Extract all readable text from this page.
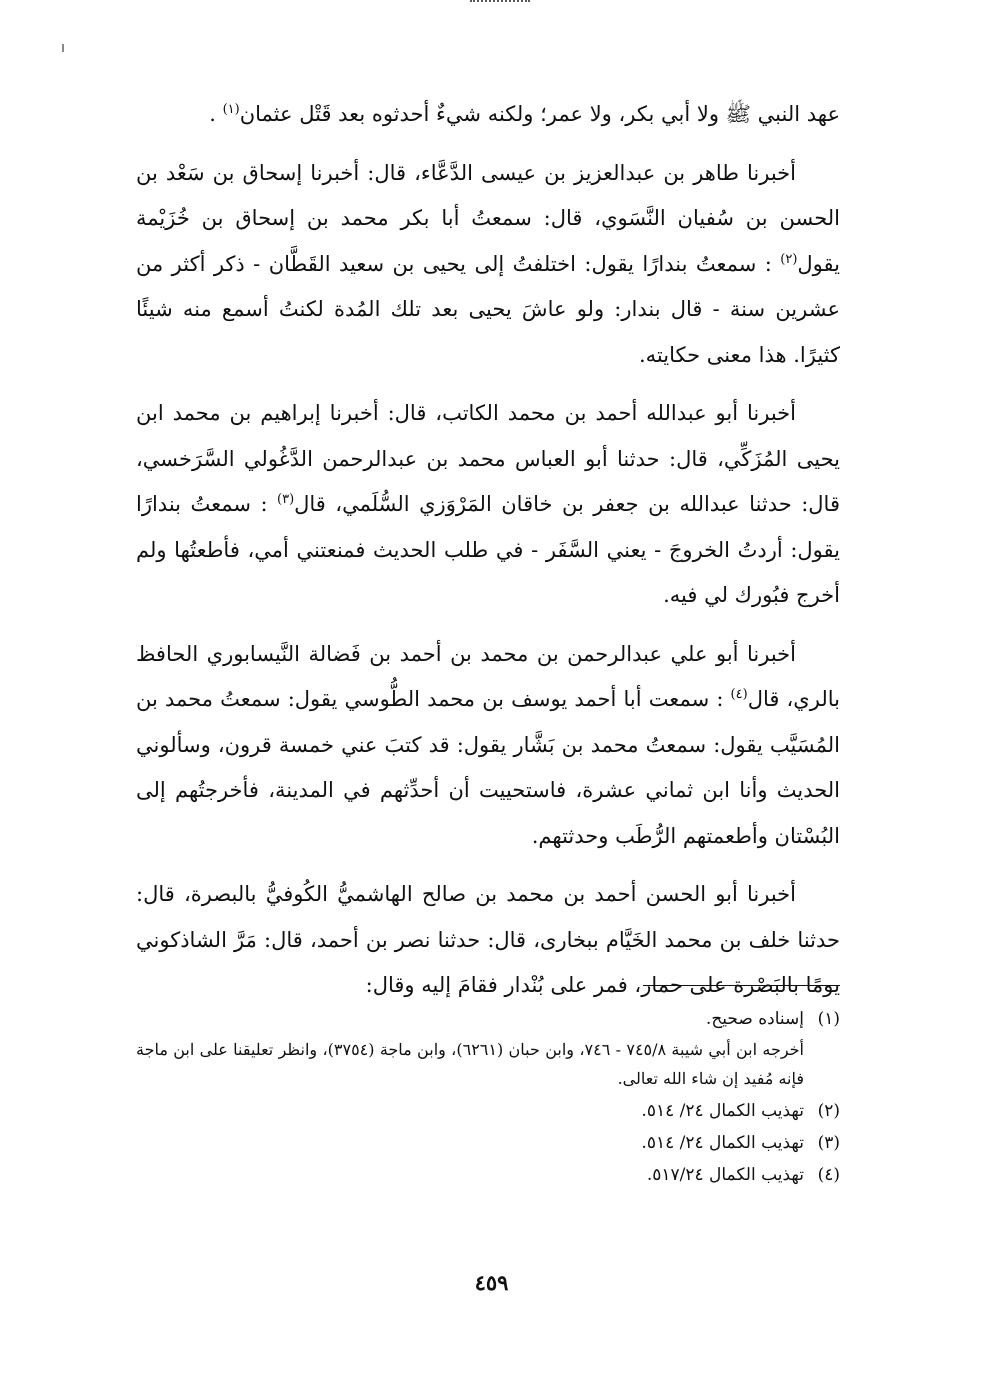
عهد النبي ﷺ ولا أبي بكر، ولا عمر؛ ولكنه شيءٌ أحدثوه بعد قَتْل عثمان$^{(١)}$ .

أخبرنا طاهر بن عبدالعزيز بن عيسى الدَّعَّاء، قال: أخبرنا إسحاق بن سَعْد بن الحسن بن سُفيان النَّسَوي، قال: سمعتُ أبا بكر محمد بن إسحاق بن خُزَيْمة يقول$^{(٢)}$ : سمعتُ بندارًا يقول: اختلفتُ إلى يحيى بن سعيد القَطَّان - ذكر أكثر من عشرين سنة - قال بندار: ولو عاشَ يحيى بعد تلك المُدة لكنتُ أسمع منه شيئًا كثيرًا. هذا معنى حكايته.

أخبرنا أبو عبدالله أحمد بن محمد الكاتب، قال: أخبرنا إبراهيم بن محمد ابن يحيى المُزَكِّي، قال: حدثنا أبو العباس محمد بن عبدالرحمن الدَّغُولي السَّرَخسي، قال: حدثنا عبدالله بن جعفر بن خاقان المَرْوَزي السُّلَمي، قال$^{(٣)}$ : سمعتُ بندارًا يقول: أردتُ الخروجَ - يعني السَّفَر - في طلب الحديث فمنعتني أمي، فأطعتُها ولم أخرج فبُورك لي فيه.

أخبرنا أبو علي عبدالرحمن بن محمد بن أحمد بن فَضالة النَّيسابوري الحافظ بالري، قال$^{(٤)}$ : سمعت أبا أحمد يوسف بن محمد الطُّوسي يقول: سمعتُ محمد بن المُسَيَّب يقول: سمعتُ محمد بن بَشَّار يقول: قد كتبَ عني خمسة قرون، وسألوني الحديث وأنا ابن ثماني عشرة، فاستحييت أن أحدِّثهم في المدينة، فأخرجتُهم إلى البُسْتان وأطعمتهم الرُّطَب وحدثتهم.

أخبرنا أبو الحسن أحمد بن محمد بن صالح الهاشميُّ الكُوفيُّ بالبصرة، قال: حدثنا خلف بن محمد الخَيَّام ببخارى، قال: حدثنا نصر بن أحمد، قال: مَرَّ الشاذكوني يومًا بالبَصْرة على حمار، فمر على بُنْدار فقامَ إليه وقال:

(١)إسناده صحيح.

أخرجه ابن أبي شيبة ٧٤٥/٨ - ٧٤٦، وابن حبان (٦٢٦١)، وابن ماجة (٣٧٥٤)، وانظر تعليقنا على ابن ماجة فإنه مُفيد إن شاء الله تعالى.

(٢)تهذيب الكمال ٢٤/ ٥١٤.

(٣)تهذيب الكمال ٢٤/ ٥١٤.

(٤)تهذيب الكمال ٥١٧/٢٤.

٤٥٩
